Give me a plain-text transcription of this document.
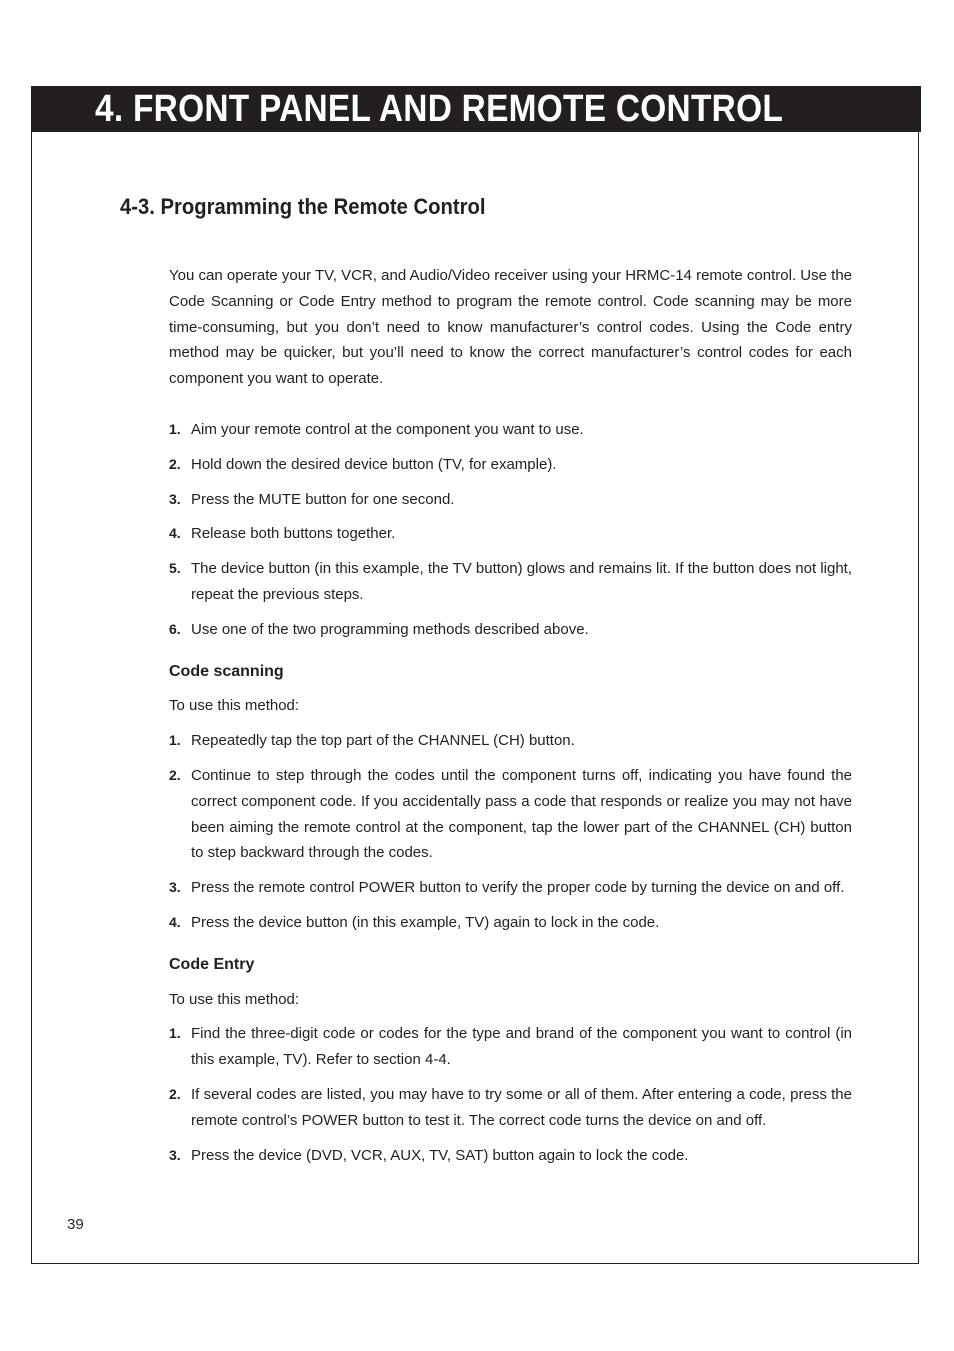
4. FRONT PANEL AND REMOTE CONTROL
4-3. Programming the Remote Control

You can operate your TV, VCR, and Audio/Video receiver using your HRMC-14 remote control. Use the Code Scanning or Code Entry method to program the remote control. Code scanning may be more time-consuming, but you don’t need to know manufacturer’s control codes. Using the Code entry method may be quicker, but you’ll need to know the correct manufacturer’s control codes for each component you want to operate.

1. Aim your remote control at the component you want to use.
2. Hold down the desired device button (TV, for example).
3. Press the MUTE button for one second.
4. Release both buttons together.
5. The device button (in this example, the TV button) glows and remains lit. If the button does not light, repeat the previous steps.
6. Use one of the two programming methods described above.

Code scanning

To use this method:

1. Repeatedly tap the top part of the CHANNEL (CH) button.
2. Continue to step through the codes until the component turns off, indicating you have found the correct component code. If you accidentally pass a code that responds or realize you may not have been aiming the remote control at the component, tap the lower part of the CHANNEL (CH) button to step backward through the codes.
3. Press the remote control POWER button to verify the proper code by turning the device on and off.
4. Press the device button (in this example, TV) again to lock in the code.

Code Entry

To use this method:

1. Find the three-digit code or codes for the type and brand of the component you want to control (in this example, TV). Refer to section 4-4.
2. If several codes are listed, you may have to try some or all of them. After entering a code, press the remote control’s POWER button to test it. The correct code turns the device on and off.
3. Press the device (DVD, VCR, AUX, TV, SAT) button again to lock the code.
39
